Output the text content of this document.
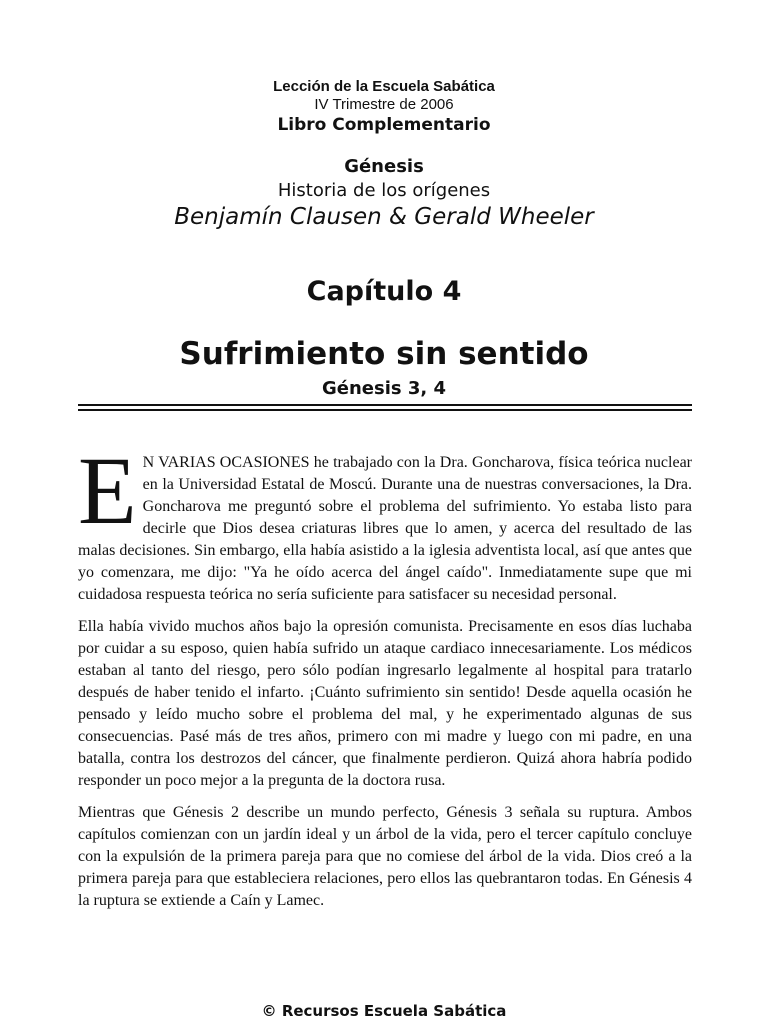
Lección de la Escuela Sabática
IV Trimestre de 2006
Libro Complementario
Génesis
Historia de los orígenes
Benjamín Clausen & Gerald Wheeler
Capítulo 4
Sufrimiento sin sentido
Génesis 3, 4

E N VARIAS OCASIONES he trabajado con la Dra. Goncharova, física teórica nuclear en la Universidad Estatal de Moscú. Durante una de nuestras conversaciones, la Dra. Goncharova me preguntó sobre el problema del sufrimiento. Yo estaba listo para decirle que Dios desea criaturas libres que lo amen, y acerca del resultado de las malas decisiones. Sin embargo, ella había asistido a la iglesia adventista local, así que antes que yo comenzara, me dijo: "Ya he oído acerca del ángel caído". Inmediatamente supe que mi cuidadosa respuesta teórica no sería suficiente para satisfacer su necesidad personal.

Ella había vivido muchos años bajo la opresión comunista. Precisamente en esos días luchaba por cuidar a su esposo, quien había sufrido un ataque cardiaco innecesariamente. Los médicos estaban al tanto del riesgo, pero sólo podían ingresarlo legalmente al hospital para tratarlo después de haber tenido el infarto. ¡Cuánto sufrimiento sin sentido! Desde aquella ocasión he pensado y leído mucho sobre el problema del mal, y he experimentado algunas de sus consecuencias. Pasé más de tres años, primero con mi madre y luego con mi padre, en una batalla, contra los destrozos del cáncer, que finalmente perdieron. Quizá ahora habría podido responder un poco mejor a la pregunta de la doctora rusa.

Mientras que Génesis 2 describe un mundo perfecto, Génesis 3 señala su ruptura. Ambos capítulos comienzan con un jardín ideal y un árbol de la vida, pero el tercer capítulo concluye con la expulsión de la primera pareja para que no comiese del árbol de la vida. Dios creó a la primera pareja para que estableciera relaciones, pero ellos las quebrantaron todas. En Génesis 4 la ruptura se extiende a Caín y Lamec.

© Recursos Escuela Sabática
